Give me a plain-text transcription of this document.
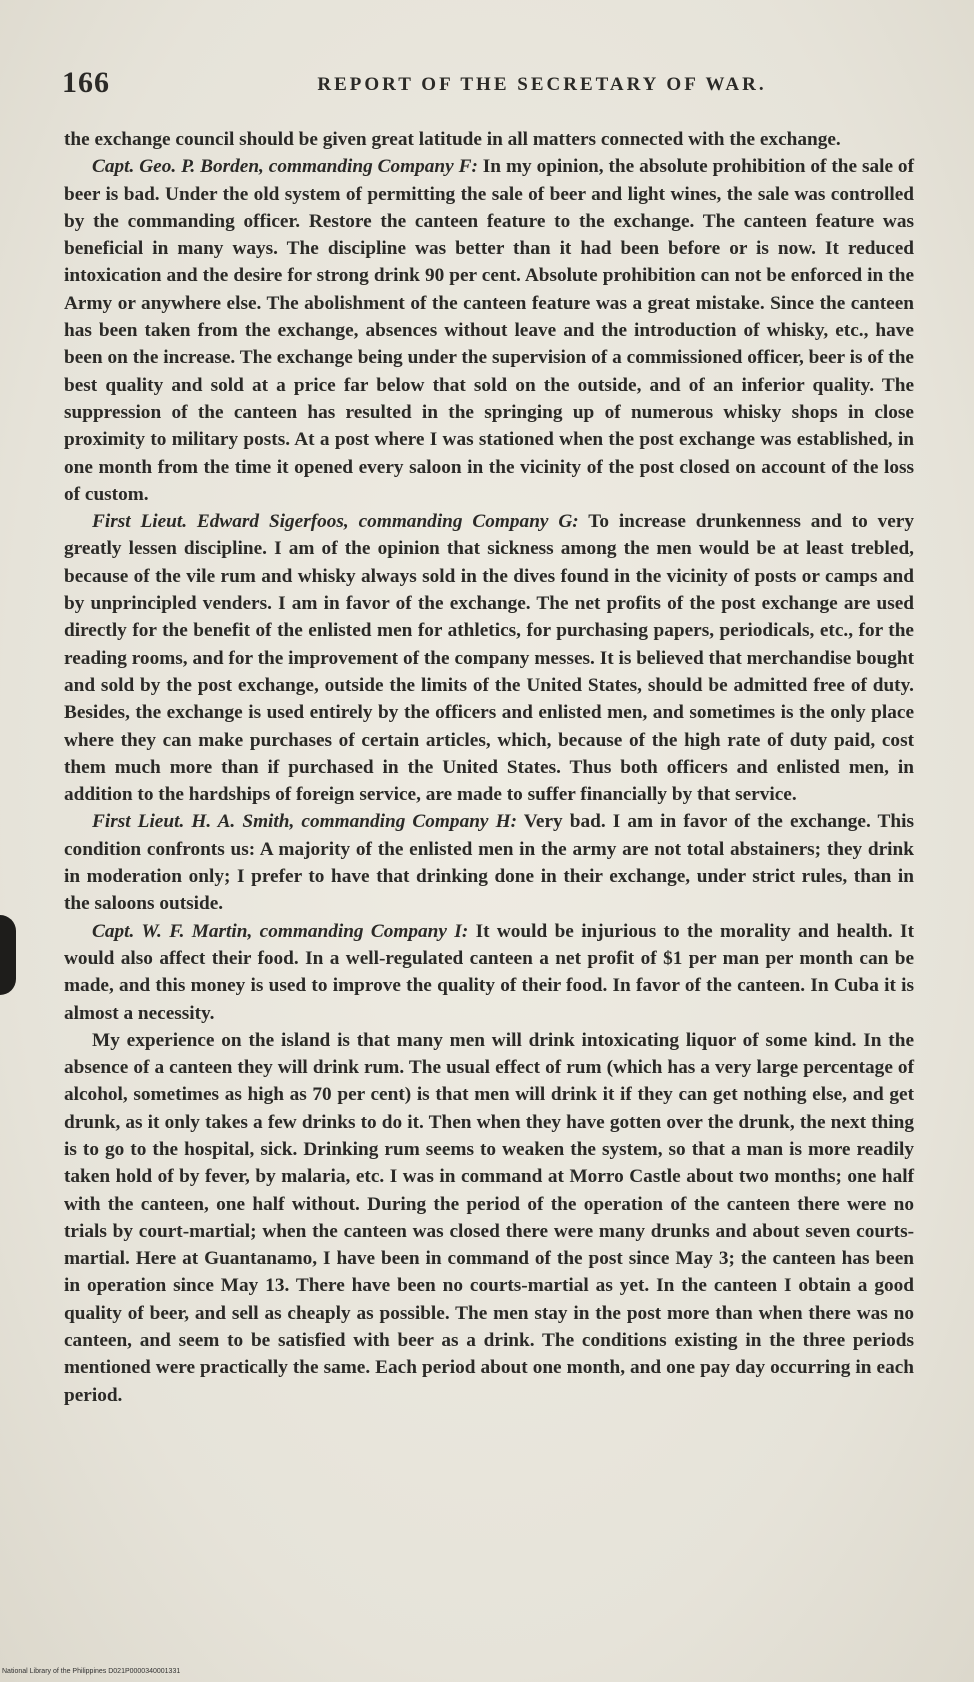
166	REPORT OF THE SECRETARY OF WAR.

the exchange council should be given great latitude in all matters connected with the exchange.

Capt. Geo. P. Borden, commanding Company F: In my opinion, the absolute prohibition of the sale of beer is bad. Under the old system of permitting the sale of beer and light wines, the sale was controlled by the commanding officer. Restore the canteen feature to the exchange. The canteen feature was beneficial in many ways. The discipline was better than it had been before or is now. It reduced intoxication and the desire for strong drink 90 per cent. Absolute prohibition can not be enforced in the Army or anywhere else. The abolishment of the canteen feature was a great mistake. Since the canteen has been taken from the exchange, absences without leave and the introduction of whisky, etc., have been on the increase. The exchange being under the supervision of a commissioned officer, beer is of the best quality and sold at a price far below that sold on the outside, and of an inferior quality. The suppression of the canteen has resulted in the springing up of numerous whisky shops in close proximity to military posts. At a post where I was stationed when the post exchange was established, in one month from the time it opened every saloon in the vicinity of the post closed on account of the loss of custom.

First Lieut. Edward Sigerfoos, commanding Company G: To increase drunkenness and to very greatly lessen discipline. I am of the opinion that sickness among the men would be at least trebled, because of the vile rum and whisky always sold in the dives found in the vicinity of posts or camps and by unprincipled venders. I am in favor of the exchange. The net profits of the post exchange are used directly for the benefit of the enlisted men for athletics, for purchasing papers, periodicals, etc., for the reading rooms, and for the improvement of the company messes. It is believed that merchandise bought and sold by the post exchange, outside the limits of the United States, should be admitted free of duty. Besides, the exchange is used entirely by the officers and enlisted men, and sometimes is the only place where they can make purchases of certain articles, which, because of the high rate of duty paid, cost them much more than if purchased in the United States. Thus both officers and enlisted men, in addition to the hardships of foreign service, are made to suffer financially by that service.

First Lieut. H. A. Smith, commanding Company H: Very bad. I am in favor of the exchange. This condition confronts us: A majority of the enlisted men in the army are not total abstainers; they drink in moderation only; I prefer to have that drinking done in their exchange, under strict rules, than in the saloons outside.

Capt. W. F. Martin, commanding Company I: It would be injurious to the morality and health. It would also affect their food. In a well-regulated canteen a net profit of $1 per man per month can be made, and this money is used to improve the quality of their food. In favor of the canteen. In Cuba it is almost a necessity.

My experience on the island is that many men will drink intoxicating liquor of some kind. In the absence of a canteen they will drink rum. The usual effect of rum (which has a very large percentage of alcohol, sometimes as high as 70 per cent) is that men will drink it if they can get nothing else, and get drunk, as it only takes a few drinks to do it. Then when they have gotten over the drunk, the next thing is to go to the hospital, sick. Drinking rum seems to weaken the system, so that a man is more readily taken hold of by fever, by malaria, etc. I was in command at Morro Castle about two months; one half with the canteen, one half without. During the period of the operation of the canteen there were no trials by court-martial; when the canteen was closed there were many drunks and about seven courts-martial. Here at Guantanamo, I have been in command of the post since May 3; the canteen has been in operation since May 13. There have been no courts-martial as yet. In the canteen I obtain a good quality of beer, and sell as cheaply as possible. The men stay in the post more than when there was no canteen, and seem to be satisfied with beer as a drink. The conditions existing in the three periods mentioned were practically the same. Each period about one month, and one pay day occurring in each period.

National Library of the Philippines D021P0000340001331
